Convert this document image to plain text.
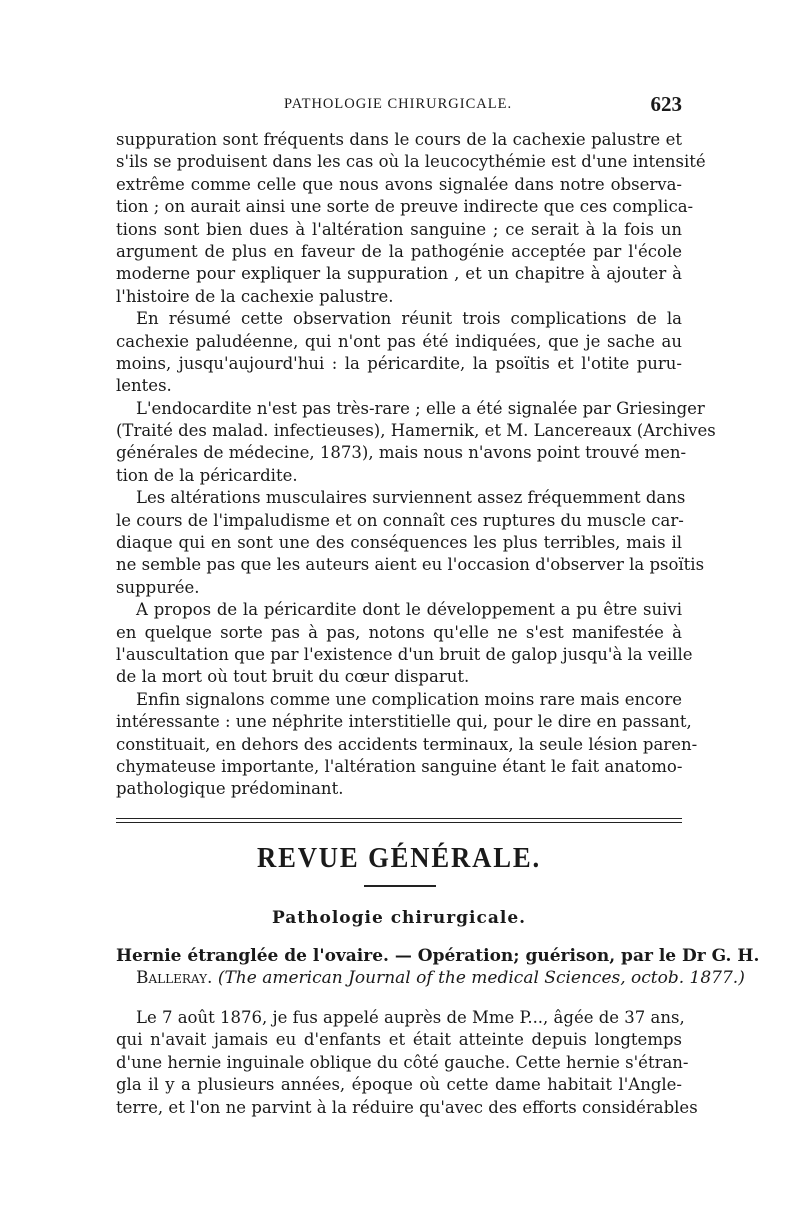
PATHOLOGIE CHIRURGICALE.	623
suppuration sont fréquents dans le cours de la cachexie palustre et
s'ils se produisent dans les cas où la leucocythémie est d'une intensité
extrême comme celle que nous avons signalée dans notre observa-
tion ; on aurait ainsi une sorte de preuve indirecte que ces complica-
tions sont bien dues à l'altération sanguine ; ce serait à la fois un
argument de plus en faveur de la pathogénie acceptée par l'école
moderne pour expliquer la suppuration , et un chapitre à ajouter à
l'histoire de la cachexie palustre.
En résumé cette observation réunit trois complications de la
cachexie paludéenne, qui n'ont pas été indiquées, que je sache au
moins, jusqu'aujourd'hui : la péricardite, la psoïtis et l'otite puru-
lentes.
L'endocardite n'est pas très-rare ; elle a été signalée par Griesinger
(Traité des malad. infectieuses), Hamernik, et M. Lancereaux (Archives
générales de médecine, 1873), mais nous n'avons point trouvé men-
tion de la péricardite.
Les altérations musculaires surviennent assez fréquemment dans
le cours de l'impaludisme et on connaît ces ruptures du muscle car-
diaque qui en sont une des conséquences les plus terribles, mais il
ne semble pas que les auteurs aient eu l'occasion d'observer la psoïtis
suppurée.
A propos de la péricardite dont le développement a pu être suivi
en quelque sorte pas à pas, notons qu'elle ne s'est manifestée à
l'auscultation que par l'existence d'un bruit de galop jusqu'à la veille
de la mort où tout bruit du cœur disparut.
Enfin signalons comme une complication moins rare mais encore
intéressante : une néphrite interstitielle qui, pour le dire en passant,
constituait, en dehors des accidents terminaux, la seule lésion paren-
chymateuse importante, l'altération sanguine étant le fait anatomo-
pathologique prédominant.
REVUE GÉNÉRALE.
Pathologie chirurgicale.
Hernie étranglée de l'ovaire. — Opération; guérison, par le Dr G. H.
Balleray. (The american Journal of the medical Sciences, octob. 1877.)
Le 7 août 1876, je fus appelé auprès de Mme P..., âgée de 37 ans,
qui n'avait jamais eu d'enfants et était atteinte depuis longtemps
d'une hernie inguinale oblique du côté gauche. Cette hernie s'étran-
gla il y a plusieurs années, époque où cette dame habitait l'Angle-
terre, et l'on ne parvint à la réduire qu'avec des efforts considérables
